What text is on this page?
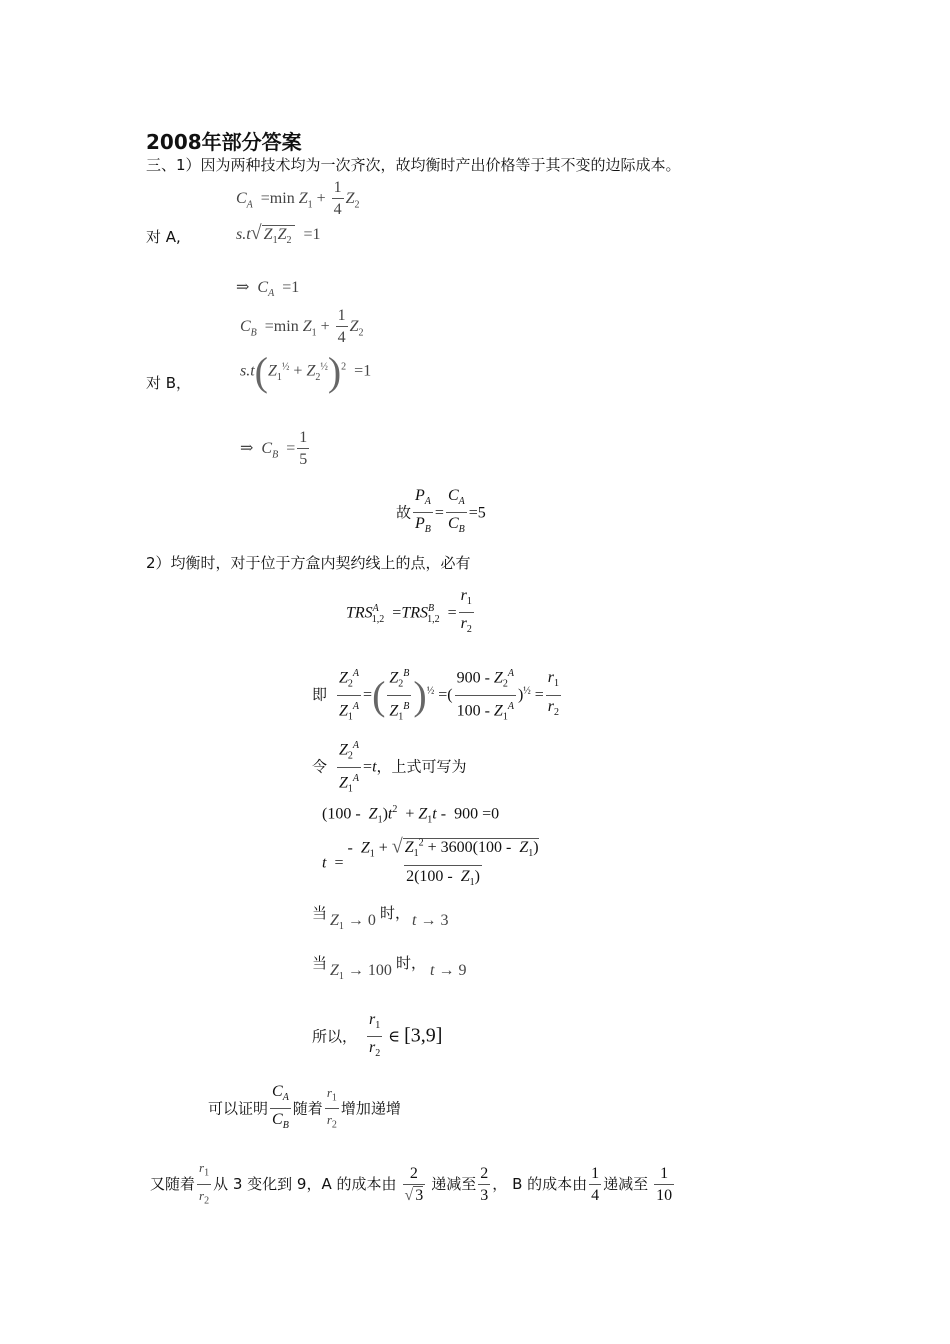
2008年部分答案
三、1）因为两种技术均为一次齐次，故均衡时产出价格等于其不变的边际成本。
$C_A =\min$ $Z_1 + \frac{1}{4} Z_2$
对 A,	s.t√ $Z_1Z_2 =1$
⇒  $C_A =1$
$C_B =\min$ $Z_1 + \frac{1}{4} Z_2$
对 B，
$s.t(Z_1^{\frac{1}{2}} + Z_2^{\frac{1}{2}})^2 =1$
⇒  $C_B = \frac{1}{5}$
故 $\frac{P_A}{P_B} = \frac{C_A}{C_B} =5$
2）均衡时，对于位于方盒内契约线上的点，必有
$TRS^A_{1,2} =TRS^B_{1,2} = \frac{r_1}{r_2}$
即 $\frac{Z_2^A}{Z_1^A}$ =( $\frac{Z_2^B}{Z_1^B} )^{\frac{1}{2}}$ =( $\frac{900 - Z_2^A}{100 - Z_1^A} )^{\frac{1}{2}} = \frac{r_1}{r_2}$
令 $\frac{Z_2^A}{Z_1^A} =t$，上式可写为
$(100 - Z_1)t^2 + Z_1t - 900 =0$
$t = \frac{- Z_1 + √ Z_1^2 + 3600(100 - Z_1)}{2(100 - Z_1)}$
当 $Z_1 \to 0$ 时， t → 3
当 $Z_1 \to 100$ 时， t → 9
所以， $\frac{r_1}{r_2}$ ∈ [3,9]
可以证明 $\frac{C_A}{C_B}$ 随着 $\frac{r_1}{r_2}$ 增加递增
又随着 $\frac{r_1}{r_2}$ 从 3 变化到 9，A 的成本由 $\frac{2}{√ 3}$ 递减至 $\frac{2}{3}$ ， B 的成本由 $\frac{1}{4}$ 递减至 $\frac{1}{10}$
